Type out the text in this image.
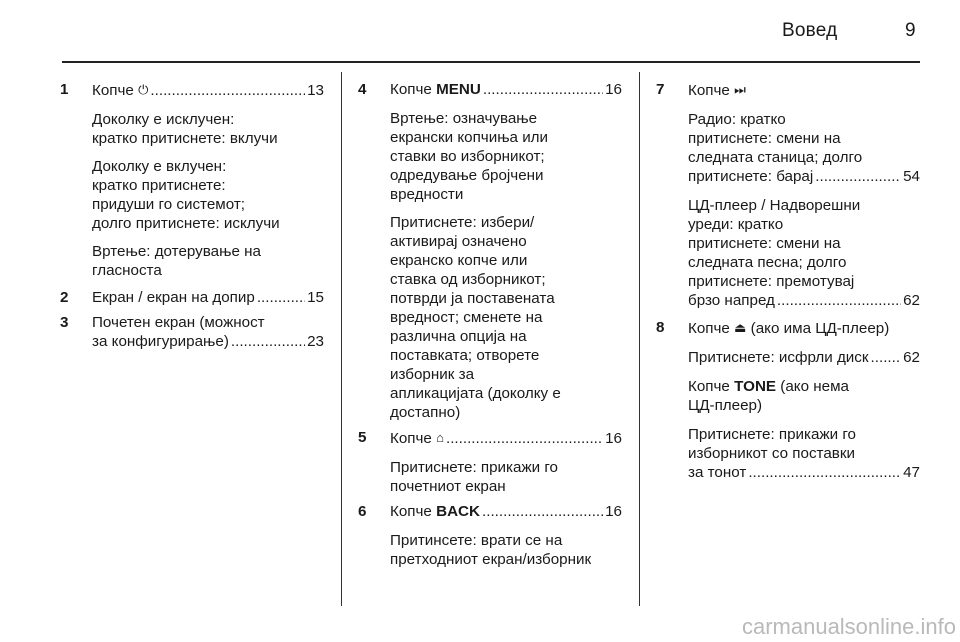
Вовед	9
1	Копче ⏻ .....	13
Доколку е исклучен:
кратко притиснете: вклучи
Доколку е вклучен:
кратко притиснете:
придуши го системот;
долго притиснете: исклучи
Вртење: дотерување на
гласноста
2	Екран / екран на допир .....	15
3	Почетен екран (можност
за конфигурирање) .....	23
4	Копче MENU .....	16
Вртење: означување
екрански копчиња или
ставки во изборникот;
одредување бројчени
вредности
Притиснете: избери/
активирај означено
екранско копче или
ставка од изборникот;
потврди ја поставената
вредност; сменете на
различна опција на
поставката; отворете
изборник за
апликацијата (доколку е
достапно)
5	Копче ⌂ .....	16
Притиснете: прикажи го
почетниот екран
6	Копче BACK .....	16
Притинсете: врати се на
претходниот екран/изборник
7	Копче ⏭
Радио: кратко
притиснете: смени на
следната станица; долго
притиснете: барај .....	54
ЦД-плеер / Надворешни
уреди: кратко
притиснете: смени на
следната песна; долго
притиснете: премотувај
брзо напред .....	62
8	Копче ⏏ (ако има ЦД-плеер)
Притиснете: исфрли диск ..... 62
Копче TONE (ако нема
ЦД-плеер)
Притиснете: прикажи го
изборникот со поставки
за тонот .....	47
carmanualsonline.info
